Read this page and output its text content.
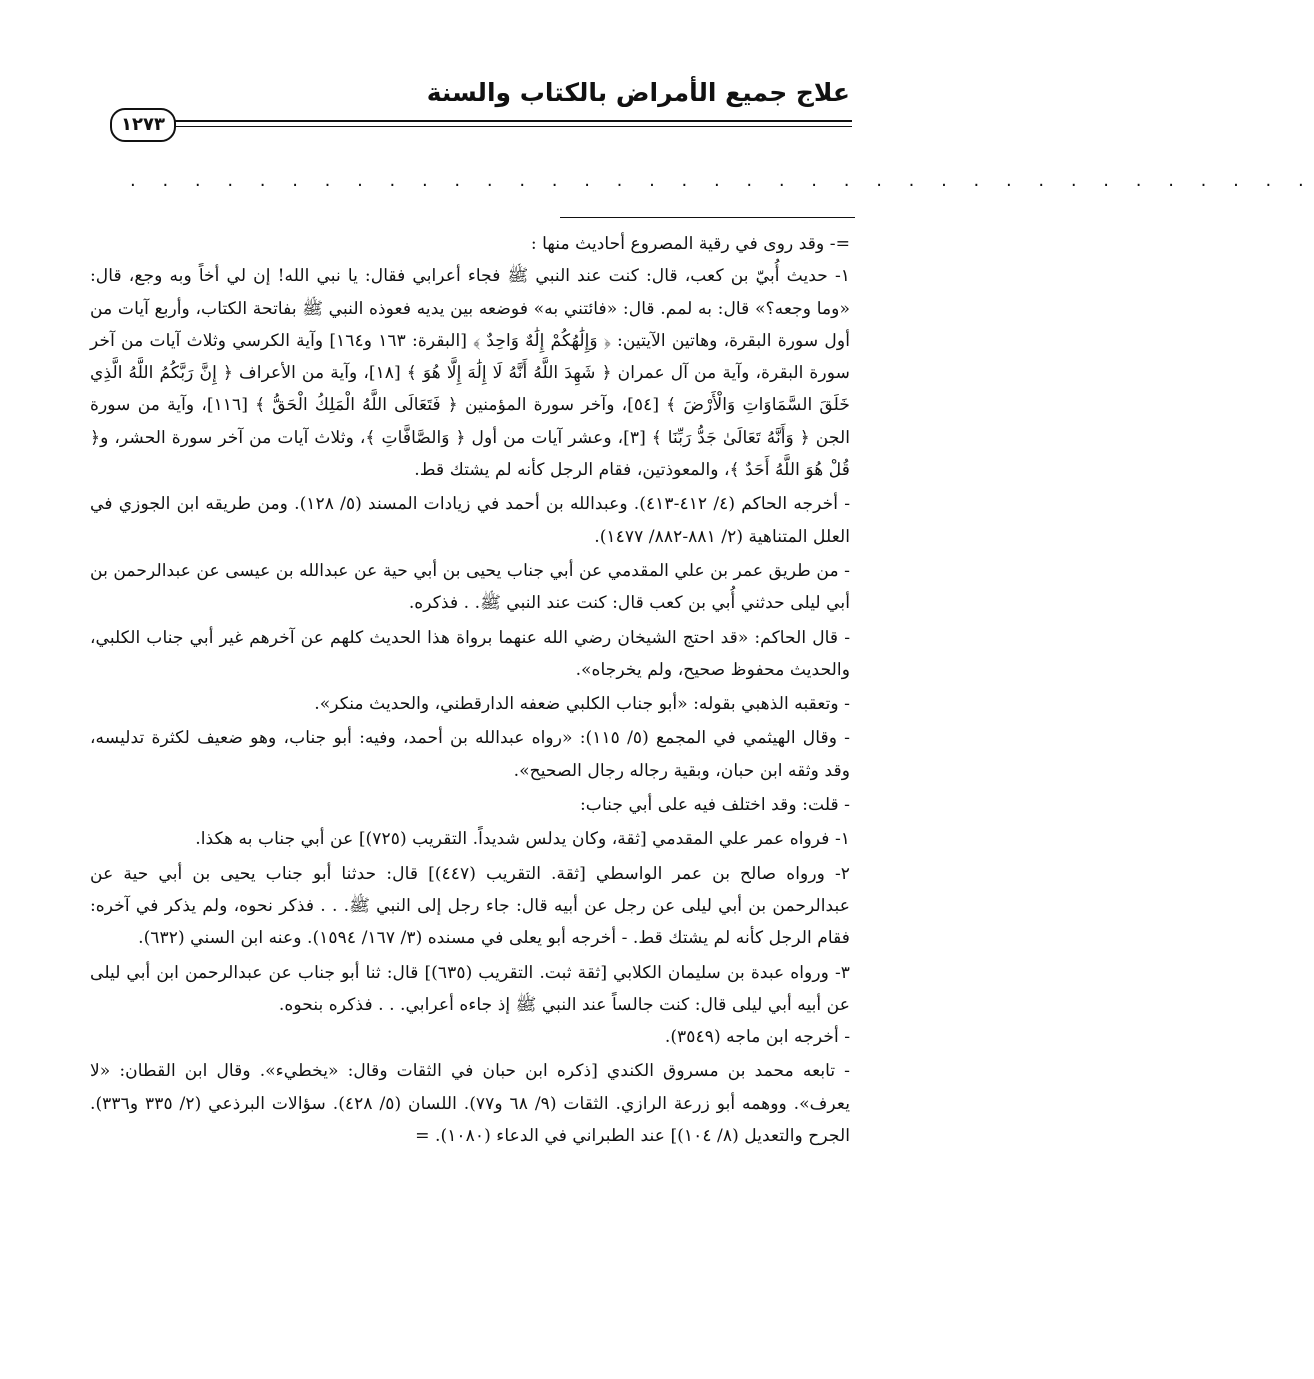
علاج جميع الأمراض بالكتاب والسنة
١٢٧٣
. . . . . . . . . . . . . . . . . . . . . . . . . . . . . . . . . . . . .

=- وقد روى في رقية المصروع أحاديث منها :

١- حديث أُبيّ بن كعب، قال: كنت عند النبي ﷺ فجاء أعرابي فقال: يا نبي الله! إن لي أخاً وبه وجع، قال: «وما وجعه؟» قال: به لمم. قال: «فائتني به» فوضعه بين يديه فعوذه النبي ﷺ بفاتحة الكتاب، وأربع آيات من أول سورة البقرة، وهاتين الآيتين: ﴿ وَإِلَٰهُكُمْ إِلَٰهٌ وَاحِدٌ ﴾ [البقرة: ١٦٣ و١٦٤] وآية الكرسي وثلاث آيات من آخر سورة البقرة، وآية من آل عمران ﴿ شَهِدَ اللَّهُ أَنَّهُ لَا إِلَٰهَ إِلَّا هُوَ ﴾ [١٨]، وآية من الأعراف ﴿ إِنَّ رَبَّكُمُ اللَّهُ الَّذِي خَلَقَ السَّمَاوَاتِ وَالْأَرْضَ ﴾ [٥٤]، وآخر سورة المؤمنين ﴿ فَتَعَالَى اللَّهُ الْمَلِكُ الْحَقُّ ﴾ [١١٦]، وآية من سورة الجن ﴿ وَأَنَّهُ تَعَالَىٰ جَدُّ رَبِّنَا ﴾ [٣]، وعشر آيات من أول ﴿ وَالصَّافَّاتِ ﴾، وثلاث آيات من آخر سورة الحشر، و﴿ قُلْ هُوَ اللَّهُ أَحَدٌ ﴾، والمعوذتين، فقام الرجل كأنه لم يشتك قط.

- أخرجه الحاكم (٤/ ٤١٢-٤١٣). وعبدالله بن أحمد في زيادات المسند (٥/ ١٢٨). ومن طريقه ابن الجوزي في العلل المتناهية (٢/ ٨٨١-٨٨٢/ ١٤٧٧).

- من طريق عمر بن علي المقدمي عن أبي جناب يحيى بن أبي حية عن عبدالله بن عيسى عن عبدالرحمن بن أبي ليلى حدثني أُبي بن كعب قال: كنت عند النبي ﷺ. . فذكره.

- قال الحاكم: «قد احتج الشيخان رضي الله عنهما برواة هذا الحديث كلهم عن آخرهم غير أبي جناب الكلبي، والحديث محفوظ صحيح، ولم يخرجاه».

- وتعقبه الذهبي بقوله: «أبو جناب الكلبي ضعفه الدارقطني، والحديث منكر».

- وقال الهيثمي في المجمع (٥/ ١١٥): «رواه عبدالله بن أحمد، وفيه: أبو جناب، وهو ضعيف لكثرة تدليسه، وقد وثقه ابن حبان، وبقية رجاله رجال الصحيح».

- قلت: وقد اختلف فيه على أبي جناب:

١- فرواه عمر علي المقدمي [ثقة، وكان يدلس شديداً. التقريب (٧٢٥)] عن أبي جناب به هكذا.

٢- ورواه صالح بن عمر الواسطي [ثقة. التقريب (٤٤٧)] قال: حدثنا أبو جناب يحيى بن أبي حية عن عبدالرحمن بن أبي ليلى عن رجل عن أبيه قال: جاء رجل إلى النبي ﷺ. . . فذكر نحوه، ولم يذكر في آخره: فقام الرجل كأنه لم يشتك قط. - أخرجه أبو يعلى في مسنده (٣/ ١٦٧/ ١٥٩٤). وعنه ابن السني (٦٣٢).

٣- ورواه عبدة بن سليمان الكلابي [ثقة ثبت. التقريب (٦٣٥)] قال: ثنا أبو جناب عن عبدالرحمن ابن أبي ليلى عن أبيه أبي ليلى قال: كنت جالساً عند النبي ﷺ إذ جاءه أعرابي. . . فذكره بنحوه.

- أخرجه ابن ماجه (٣٥٤٩).

- تابعه محمد بن مسروق الكندي [ذكره ابن حبان في الثقات وقال: «يخطيء». وقال ابن القطان: «لا يعرف». ووهمه أبو زرعة الرازي. الثقات (٩/ ٦٨ و٧٧). اللسان (٥/ ٤٢٨). سؤالات البرذعي (٢/ ٣٣٥ و٣٣٦). الجرح والتعديل (٨/ ١٠٤)] عند الطبراني في الدعاء (١٠٨٠). =
